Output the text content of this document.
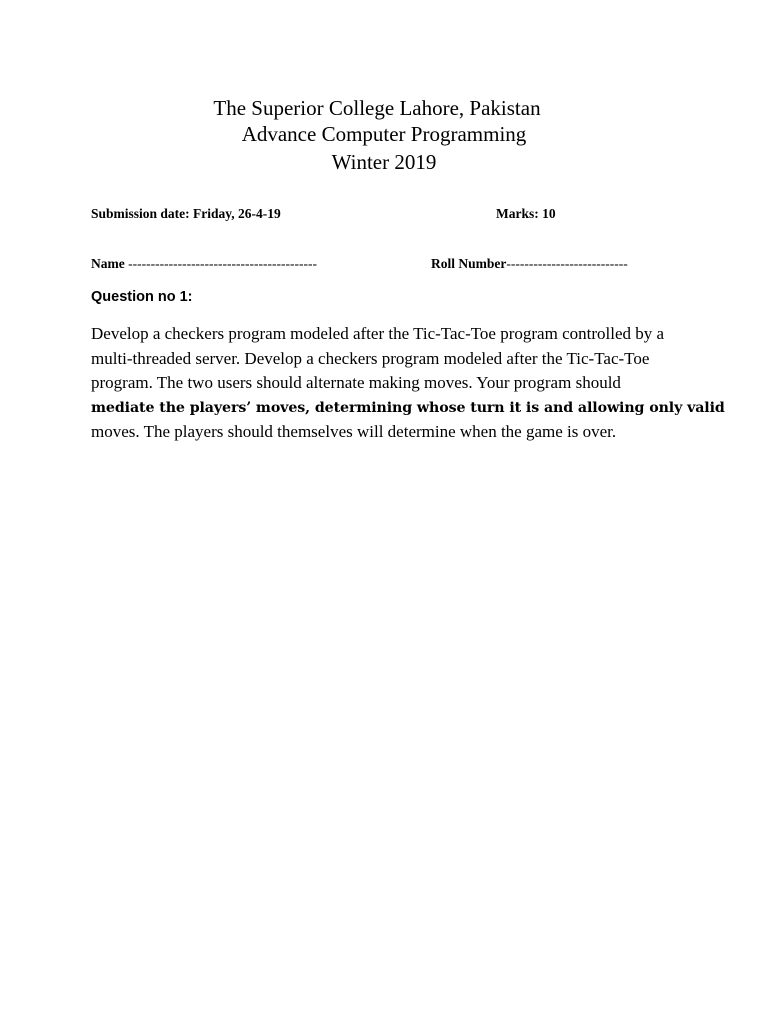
The Superior College Lahore, Pakistan
Advance Computer Programming
Winter 2019
Submission date: Friday, 26-4-19	Marks: 10
Name ------------------------------------------	Roll Number---------------------------
Question no 1:
Develop a checkers program modeled after the Tic-Tac-Toe program controlled by a
multi-threaded server. Develop a checkers program modeled after the Tic-Tac-Toe
program. The two users should alternate making moves. Your program should
mediate the players’ moves, determining whose turn it is and allowing only valid
moves. The players should themselves will determine when the game is over.
